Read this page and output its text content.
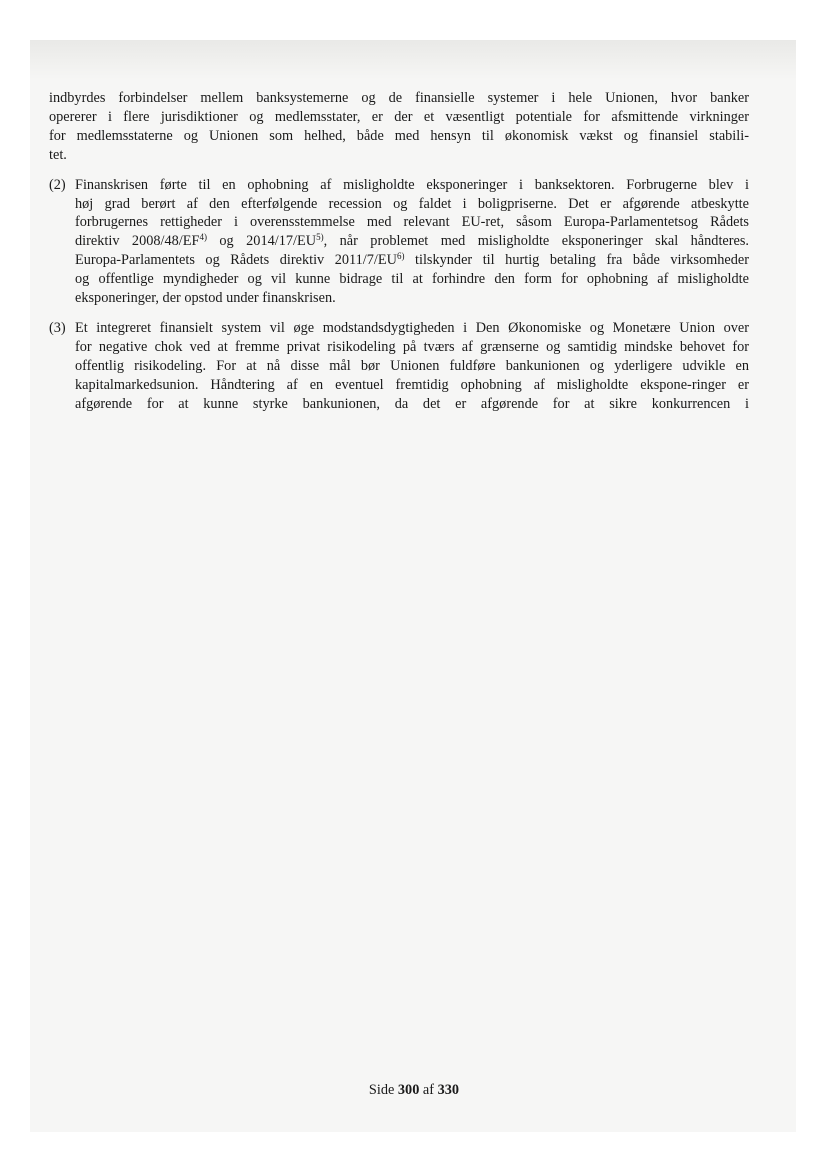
indbyrdes forbindelser mellem banksystemerne og de finansielle systemer i hele Unionen, hvor banker
opererer i flere jurisdiktioner og medlemsstater, er der et væsentligt potentiale for afsmittende virkninger
for medlemsstaterne og Unionen som helhed, både med hensyn til økonomisk vækst og finansiel stabili-
tet.
(2) Finanskrisen førte til en ophobning af misligholdte eksponeringer i banksektoren. Forbrugerne blev i
høj grad berørt af den efterfølgende recession og faldet i boligpriserne. Det er afgørende atbeskytte
forbrugernes rettigheder i overensstemmelse med relevant EU-ret, såsom Europa-Parlamentetsog Rådets
direktiv 2008/48/EF$^{4)}$ og 2014/17/EU$^{5)}$, når problemet med misligholdte eksponeringer skal håndteres.
Europa-Parlamentets og Rådets direktiv 2011/7/EU$^{6)}$ tilskynder til hurtig betaling fra både virksomheder
og offentlige myndigheder og vil kunne bidrage til at forhindre den form for ophobning af misligholdte
eksponeringer, der opstod under finanskrisen.
(3) Et integreret finansielt system vil øge modstandsdygtigheden i Den Økonomiske og Monetære Union over
for negative chok ved at fremme privat risikodeling på tværs af grænserne og samtidig mindske behovet for
offentlig risikodeling. For at nå disse mål bør Unionen fuldføre bankunionen og yderligere udvikle en
kapitalmarkedsunion. Håndtering af en eventuel fremtidig ophobning af misligholdte ekspone-ringer er
afgørende for at kunne styrke bankunionen, da det er afgørende for at sikre konkurrencen i
Side 300 af 330
